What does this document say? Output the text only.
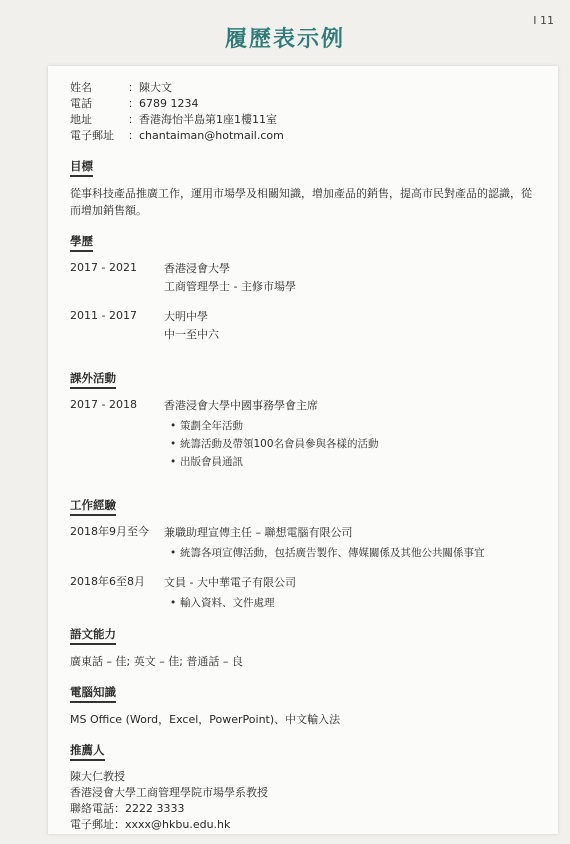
I 11
履歷表示例
姓名	：陳大文
電話	：6789 1234
地址	：香港海怡半島第1座1樓11室
電子郵址	：chantaiman@hotmail.com
目標
從事科技產品推廣工作，運用市場學及相關知識，增加產品的銷售，提高市民對產品的認識，從而增加銷售額。
學歷
2017 - 2021	香港浸會大學
工商管理學士 - 主修市場學
2011 - 2017	大明中學
中一至中六
課外活動
2017 - 2018	香港浸會大學中國事務學會主席
• 策劃全年活動
• 統籌活動及帶領100名會員參與各樣的活動
• 出版會員通訊
工作經驗
2018年9月至今	兼職助理宣傳主任 – 聯想電腦有限公司
• 統籌各項宣傳活動，包括廣告製作、傳媒關係及其他公共關係事宜
2018年6至8月	文員 - 大中華電子有限公司
• 輸入資料、文件處理
語文能力
廣東話 – 佳; 英文 – 佳; 普通話 – 良
電腦知識
MS Office (Word，Excel，PowerPoint)、中文輸入法
推薦人
陳大仁教授
香港浸會大學工商管理學院市場學系教授
聯絡電話：2222 3333
電子郵址：xxxx@hkbu.edu.hk
